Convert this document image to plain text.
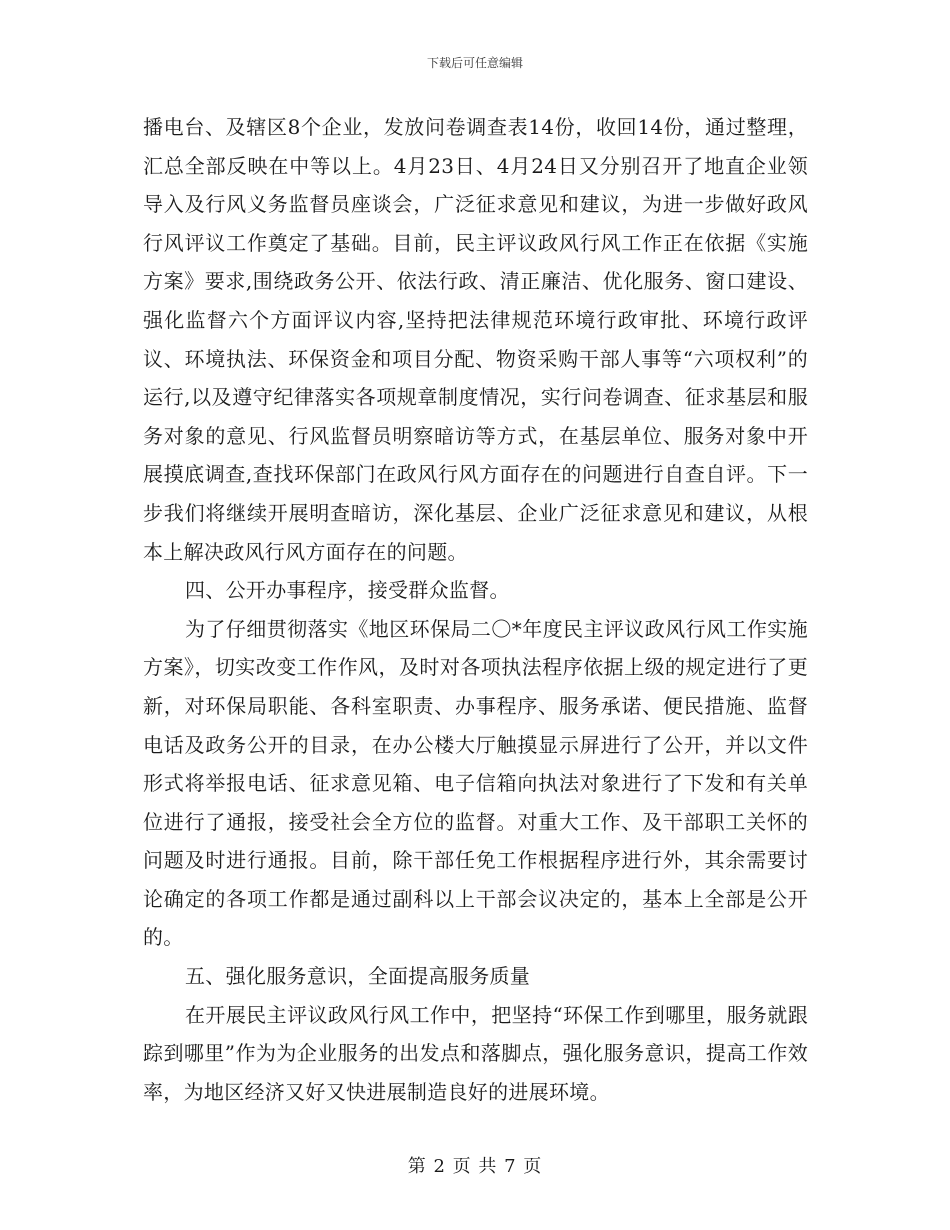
下载后可任意编辑

播电台、及辖区8个企业，发放问卷调查表14份，收回14份，通过整理，汇总全部反映在中等以上。4月23日、4月24日又分别召开了地直企业领导入及行风义务监督员座谈会，广泛征求意见和建议，为进一步做好政风行风评议工作奠定了基础。目前，民主评议政风行风工作正在依据《实施方案》要求,围绕政务公开、依法行政、清正廉洁、优化服务、窗口建设、强化监督六个方面评议内容,坚持把法律规范环境行政审批、环境行政评议、环境执法、环保资金和项目分配、物资采购干部人事等“六项权利”的运行,以及遵守纪律落实各项规章制度情况，实行问卷调查、征求基层和服务对象的意见、行风监督员明察暗访等方式，在基层单位、服务对象中开展摸底调查,查找环保部门在政风行风方面存在的问题进行自查自评。下一步我们将继续开展明查暗访，深化基层、企业广泛征求意见和建议，从根本上解决政风行风方面存在的问题。

四、公开办事程序，接受群众监督。

为了仔细贯彻落实《地区环保局二〇*年度民主评议政风行风工作实施方案》，切实改变工作作风，及时对各项执法程序依据上级的规定进行了更新，对环保局职能、各科室职责、办事程序、服务承诺、便民措施、监督电话及政务公开的目录，在办公楼大厅触摸显示屏进行了公开，并以文件形式将举报电话、征求意见箱、电子信箱向执法对象进行了下发和有关单位进行了通报，接受社会全方位的监督。对重大工作、及干部职工关怀的问题及时进行通报。目前，除干部任免工作根据程序进行外，其余需要讨论确定的各项工作都是通过副科以上干部会议决定的，基本上全部是公开的。

五、强化服务意识，全面提高服务质量

在开展民主评议政风行风工作中，把坚持“环保工作到哪里，服务就跟踪到哪里”作为为企业服务的出发点和落脚点，强化服务意识，提高工作效率，为地区经济又好又快进展制造良好的进展环境。

第 2 页 共 7 页
